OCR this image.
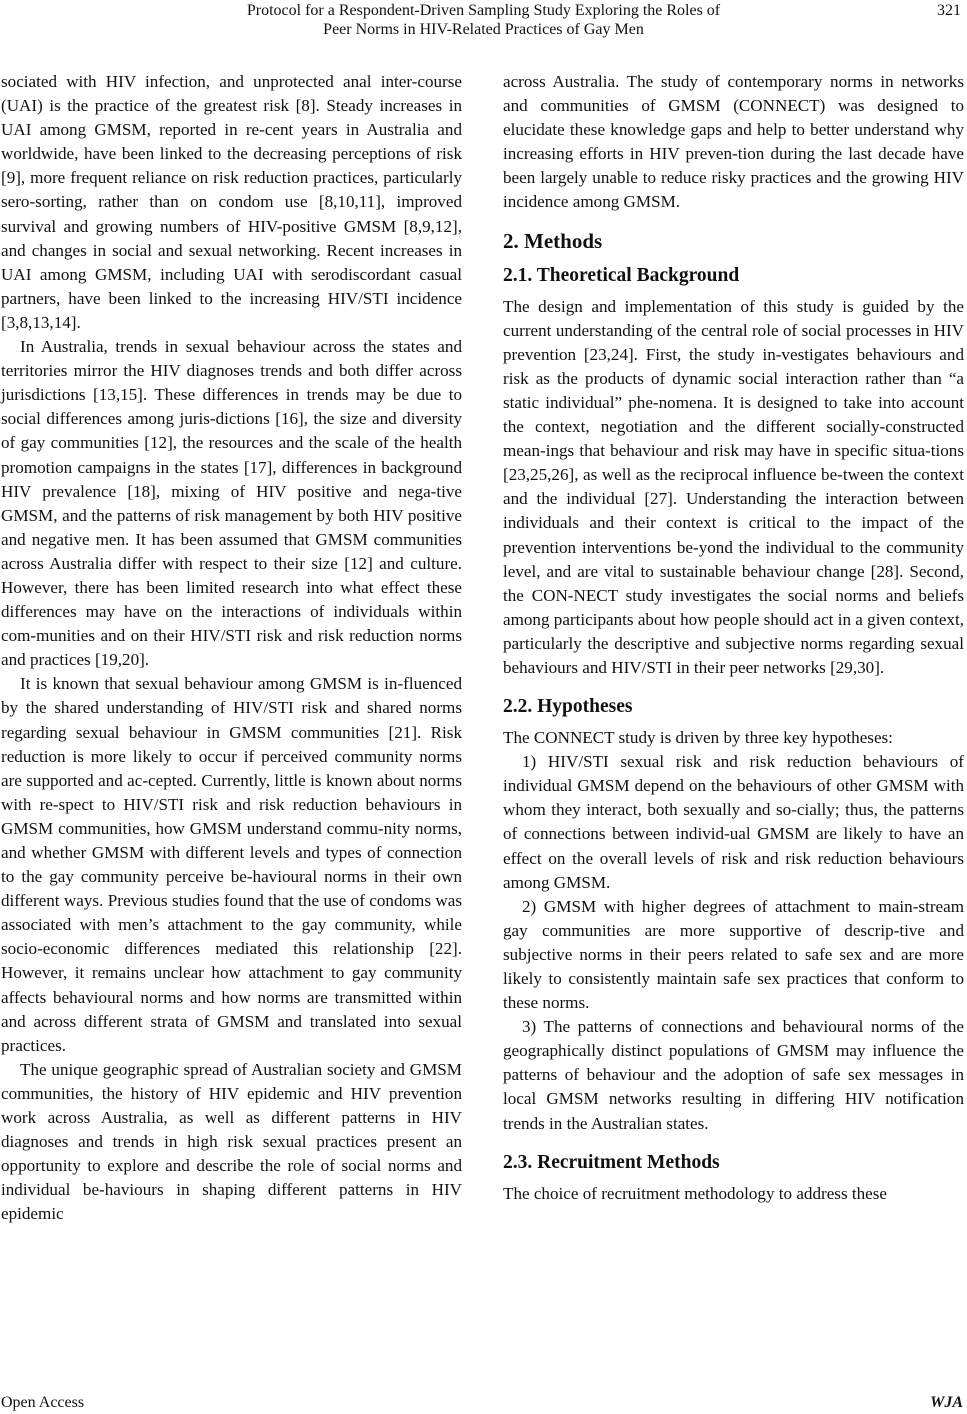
Protocol for a Respondent-Driven Sampling Study Exploring the Roles of
Peer Norms in HIV-Related Practices of Gay Men
321

sociated with HIV infection, and unprotected anal inter-course (UAI) is the practice of the greatest risk [8]. Steady increases in UAI among GMSM, reported in re-cent years in Australia and worldwide, have been linked to the decreasing perceptions of risk [9], more frequent reliance on risk reduction practices, particularly sero-sorting, rather than on condom use [8,10,11], improved survival and growing numbers of HIV-positive GMSM [8,9,12], and changes in social and sexual networking. Recent increases in UAI among GMSM, including UAI with serodiscordant casual partners, have been linked to the increasing HIV/STI incidence [3,8,13,14].

In Australia, trends in sexual behaviour across the states and territories mirror the HIV diagnoses trends and both differ across jurisdictions [13,15]. These differences in trends may be due to social differences among juris-dictions [16], the size and diversity of gay communities [12], the resources and the scale of the health promotion campaigns in the states [17], differences in background HIV prevalence [18], mixing of HIV positive and nega-tive GMSM, and the patterns of risk management by both HIV positive and negative men. It has been assumed that GMSM communities across Australia differ with respect to their size [12] and culture. However, there has been limited research into what effect these differences may have on the interactions of individuals within com-munities and on their HIV/STI risk and risk reduction norms and practices [19,20].

It is known that sexual behaviour among GMSM is in-fluenced by the shared understanding of HIV/STI risk and shared norms regarding sexual behaviour in GMSM communities [21]. Risk reduction is more likely to occur if perceived community norms are supported and ac-cepted. Currently, little is known about norms with re-spect to HIV/STI risk and risk reduction behaviours in GMSM communities, how GMSM understand commu-nity norms, and whether GMSM with different levels and types of connection to the gay community perceive be-havioural norms in their own different ways. Previous studies found that the use of condoms was associated with men’s attachment to the gay community, while socio-economic differences mediated this relationship [22]. However, it remains unclear how attachment to gay community affects behavioural norms and how norms are transmitted within and across different strata of GMSM and translated into sexual practices.

The unique geographic spread of Australian society and GMSM communities, the history of HIV epidemic and HIV prevention work across Australia, as well as different patterns in HIV diagnoses and trends in high risk sexual practices present an opportunity to explore and describe the role of social norms and individual be-haviours in shaping different patterns in HIV epidemic

across Australia. The study of contemporary norms in networks and communities of GMSM (CONNECT) was designed to elucidate these knowledge gaps and help to better understand why increasing efforts in HIV preven-tion during the last decade have been largely unable to reduce risky practices and the growing HIV incidence among GMSM.

2. Methods
2.1. Theoretical Background

The design and implementation of this study is guided by the current understanding of the central role of social processes in HIV prevention [23,24]. First, the study in-vestigates behaviours and risk as the products of dynamic social interaction rather than “a static individual” phe-nomena. It is designed to take into account the context, negotiation and the different socially-constructed mean-ings that behaviour and risk may have in specific situa-tions [23,25,26], as well as the reciprocal influence be-tween the context and the individual [27]. Understanding the interaction between individuals and their context is critical to the impact of the prevention interventions be-yond the individual to the community level, and are vital to sustainable behaviour change [28]. Second, the CON-NECT study investigates the social norms and beliefs among participants about how people should act in a given context, particularly the descriptive and subjective norms regarding sexual behaviours and HIV/STI in their peer networks [29,30].

2.2. Hypotheses

The CONNECT study is driven by three key hypotheses:

1) HIV/STI sexual risk and risk reduction behaviours of individual GMSM depend on the behaviours of other GMSM with whom they interact, both sexually and so-cially; thus, the patterns of connections between individ-ual GMSM are likely to have an effect on the overall levels of risk and risk reduction behaviours among GMSM.

2) GMSM with higher degrees of attachment to main-stream gay communities are more supportive of descrip-tive and subjective norms in their peers related to safe sex and are more likely to consistently maintain safe sex practices that conform to these norms.

3) The patterns of connections and behavioural norms of the geographically distinct populations of GMSM may influence the patterns of behaviour and the adoption of safe sex messages in local GMSM networks resulting in differing HIV notification trends in the Australian states.

2.3. Recruitment Methods

The choice of recruitment methodology to address these

Open Access	WJA
